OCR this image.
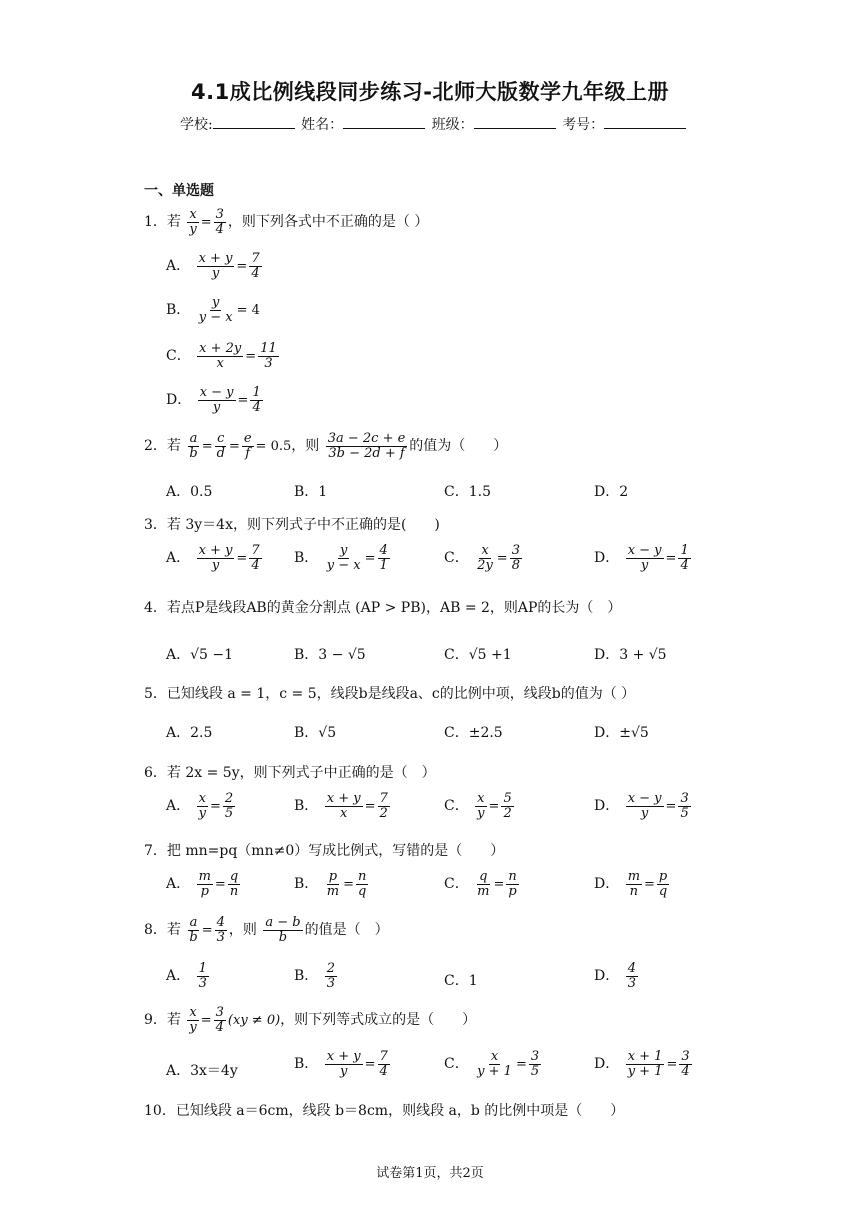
4.1成比例线段同步练习-北师大版数学九年级上册
学校:	姓名：	班级：	考号：
一、单选题
1．若 $\frac{x}{y} = \frac{3}{4}$ ，则下列各式中不正确的是（ ）
A． $\frac{x + y}{y} = \frac{7}{4}$
B． $\frac{y}{y - x} = 4$
C． $\frac{x + 2y}{x} = \frac{11}{3}$
D． $\frac{x - y}{y} = \frac{1}{4}$
2．若 $\frac{a}{b} = \frac{c}{d} = \frac{e}{f} = 0.5$，则 $\frac{3a - 2c + e}{3b - 2d + f}$ 的值为（　　）
A．0.5	B．1	C．1.5	D．2
3．若 3y＝4x，则下列式子中不正确的是(　　)
A． $\frac{x + y}{y} = \frac{7}{4}$ B． $\frac{y}{y - x} = \frac{4}{1}$	C． $\frac{x}{2y} = \frac{3}{8}$	D． $\frac{x - y}{y} = \frac{1}{4}$
4．若点P是线段AB的黄金分割点 (AP > PB)，AB = 2，则AP的长为（　）
A．√5 −1	B．3 − √5	C．√5 +1	D．3 + √5
5．已知线段 a = 1，c = 5，线段b是线段a、c的比例中项，线段b的值为（ ）
A．2.5	B．√5	C．±2.5	D．±√5
6．若 2x = 5y，则下列式子中正确的是（　）
A． $\frac{x}{y} = \frac{2}{5}$	B． $\frac{x + y}{x} = \frac{7}{2}$	C． $\frac{x}{y} = \frac{5}{2}$	D． $\frac{x - y}{y} = \frac{3}{5}$
7．把 mn=pq（mn≠0）写成比例式，写错的是（　　）
A． $\frac{m}{p} = \frac{q}{n}$	B． $\frac{p}{m} = \frac{n}{q}$	C． $\frac{q}{m} = \frac{n}{p}$	D． $\frac{m}{n} = \frac{p}{q}$
8．若 $\frac{a}{b} = \frac{4}{3}$ ，则 $\frac{a - b}{b}$ 的值是（　）
A． $\frac{1}{3}$	B． $\frac{2}{3}$	C．1	D． $\frac{4}{3}$
9．若 $\frac{x}{y} = \frac{3}{4} (xy \ne 0)$，则下列等式成立的是（　　）
A．3x＝4y	B． $\frac{x + y}{y} = \frac{7}{4}$	C． $\frac{x}{y + 1} = \frac{3}{5}$	D． $\frac{x + 1}{y + 1} = \frac{3}{4}$
10．已知线段 a＝6cm，线段 b＝8cm，则线段 a，b 的比例中项是（　　）
试卷第1页，共2页
